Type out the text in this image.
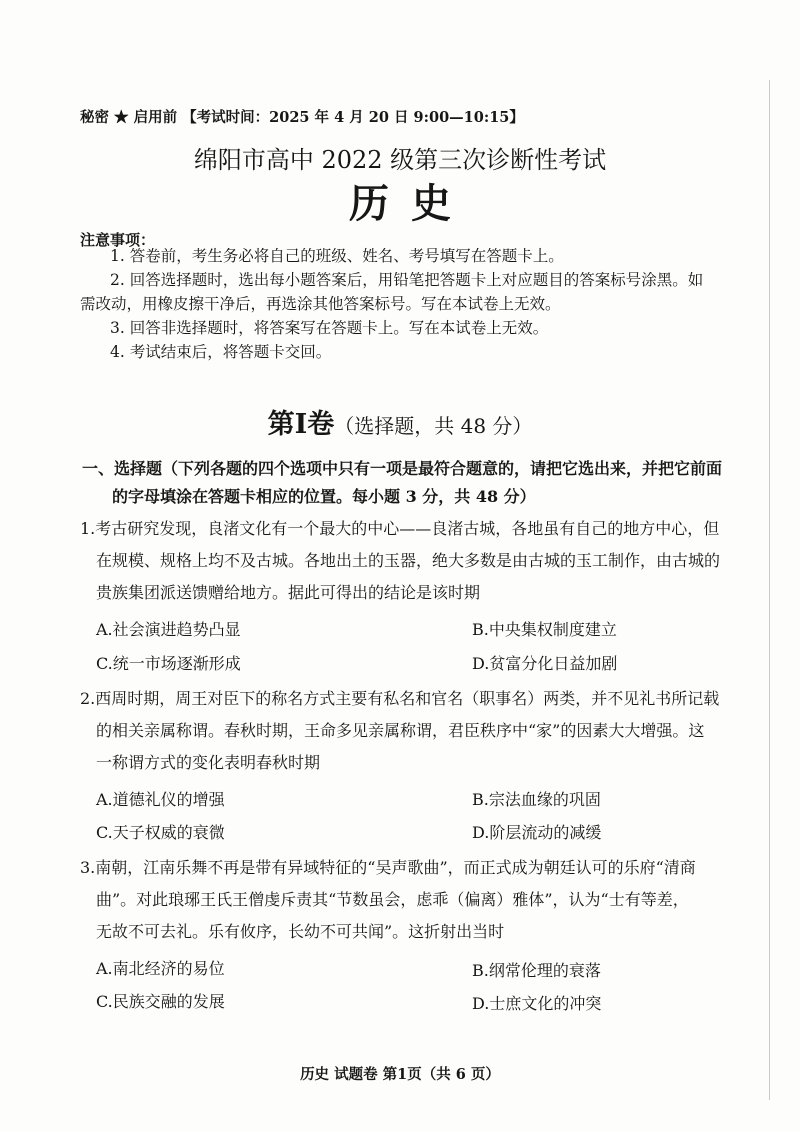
秘密 ★ 启用前 【考试时间：2025 年 4 月 20 日 9:00—10:15】
绵阳市高中 2022 级第三次诊断性考试
历史
注意事项：
1. 答卷前，考生务必将自己的班级、姓名、考号填写在答题卡上。
2. 回答选择题时，选出每小题答案后，用铅笔把答题卡上对应题目的答案标号涂黑。如
需改动，用橡皮擦干净后，再选涂其他答案标号。写在本试卷上无效。
3. 回答非选择题时，将答案写在答题卡上。写在本试卷上无效。
4. 考试结束后，将答题卡交回。
第Ⅰ卷（选择题，共 48 分）
一、选择题（下列各题的四个选项中只有一项是最符合题意的，请把它选出来，并把它前面
的字母填涂在答题卡相应的位置。每小题 3 分，共 48 分）
1.考古研究发现，良渚文化有一个最大的中心——良渚古城，各地虽有自己的地方中心，但
在规模、规格上均不及古城。各地出土的玉器，绝大多数是由古城的玉工制作，由古城的
贵族集团派送馈赠给地方。据此可得出的结论是该时期
A.社会演进趋势凸显	B.中央集权制度建立
C.统一市场逐渐形成	D.贫富分化日益加剧
2.西周时期，周王对臣下的称名方式主要有私名和官名（职事名）两类，并不见礼书所记载
的相关亲属称谓。春秋时期，王命多见亲属称谓，君臣秩序中“家”的因素大大增强。这
一称谓方式的变化表明春秋时期
A.道德礼仪的增强	B.宗法血缘的巩固
C.天子权威的衰微	D.阶层流动的减缓
3.南朝，江南乐舞不再是带有异域特征的“吴声歌曲”，而正式成为朝廷认可的乐府“清商
曲”。对此琅琊王氏王僧虔斥责其“节数虽会，虑乖（偏离）雅体”，认为“士有等差，
无故不可去礼。乐有攸序，长幼不可共闻”。这折射出当时
A.南北经济的易位	B.纲常伦理的衰落
C.民族交融的发展	D.士庶文化的冲突
历史 试题卷 第1页（共 6 页）
